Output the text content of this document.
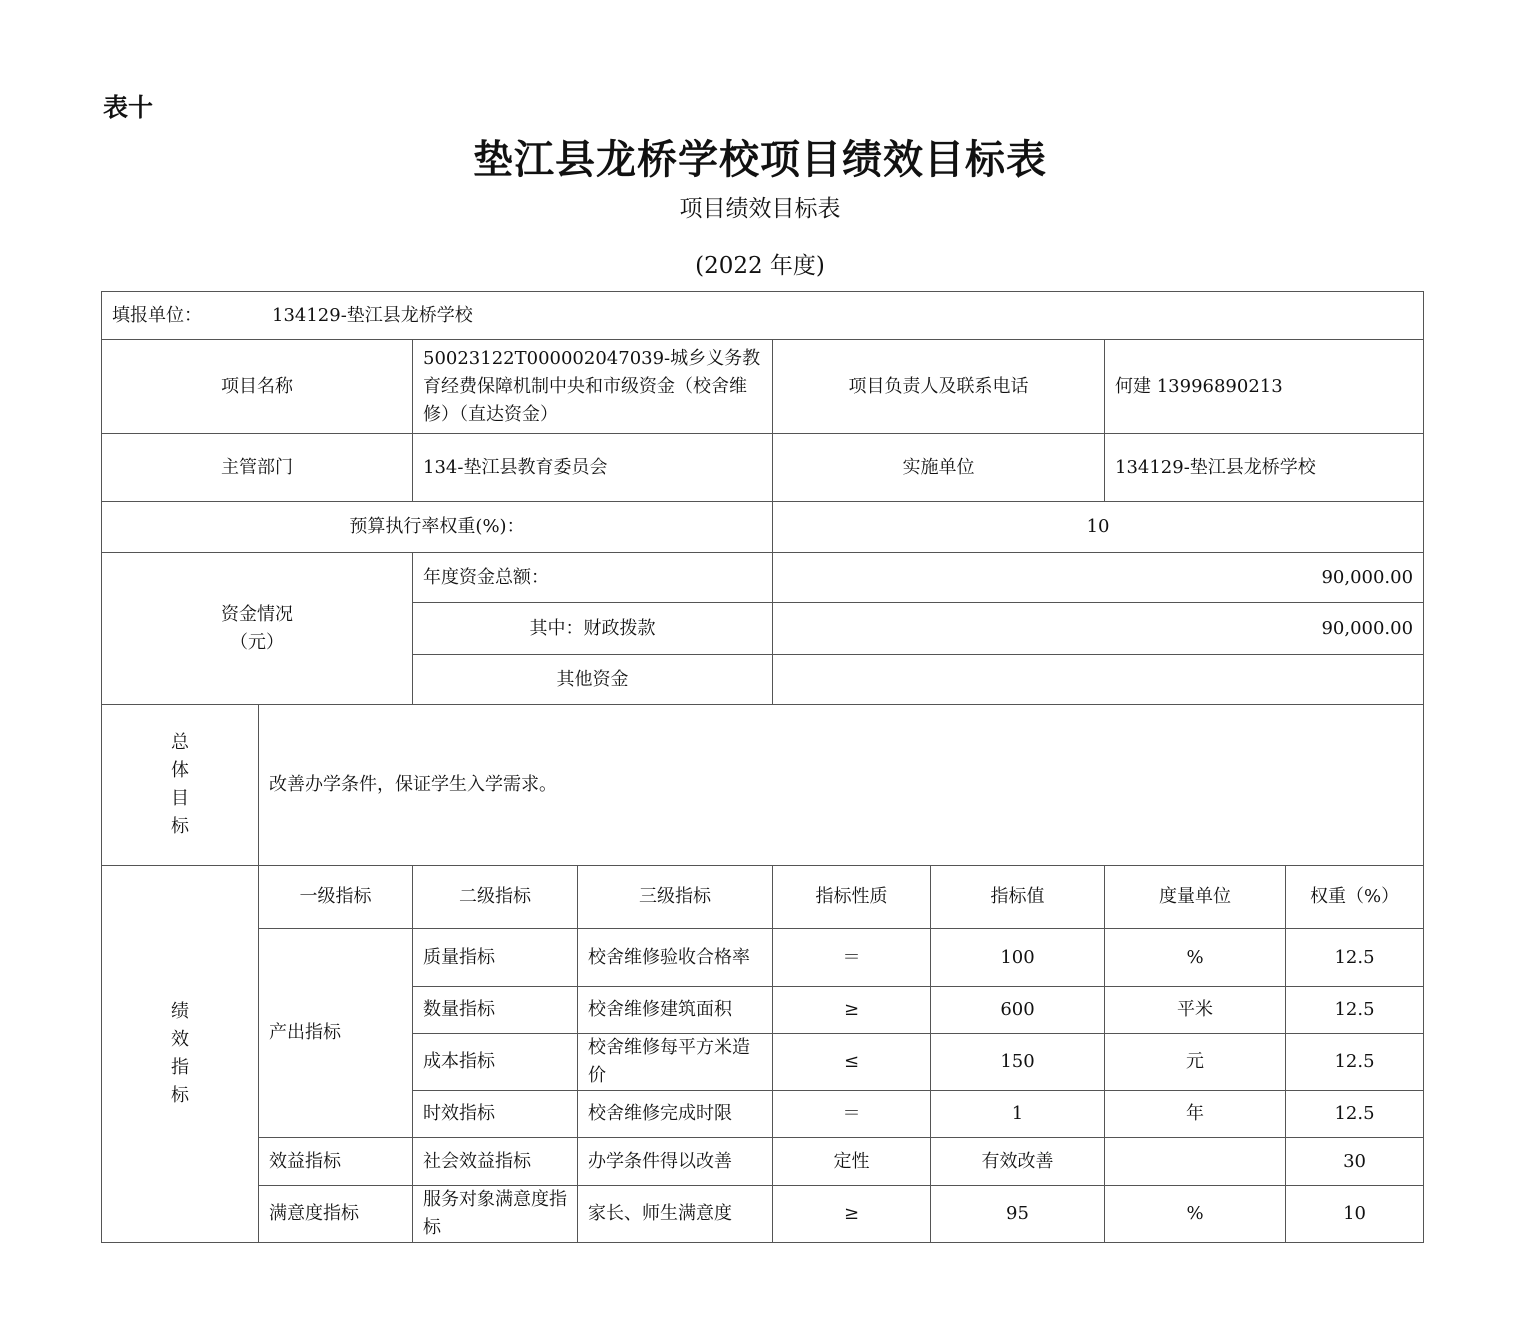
表十
垫江县龙桥学校项目绩效目标表
项目绩效目标表
(2022 年度)
填报单位： 134129-垫江县龙桥学校							
项目名称		50023122T000002047039-城乡义务教育经费保障机制中央和市级资金（校舍维修）（直达资金）		项目负责人及联系电话		何建 13996890213	
主管部门		134-垫江县教育委员会		实施单位		134129-垫江县龙桥学校	
预算执行率权重(%)：				10			

资金情况
（元）		年度资金总额：		90,000.00			
		其中：财政拨款		90,000.00			
		其他资金					

总
体
目
标	改善办学条件，保证学生入学需求。						

绩
效
指
标	一级指标	二级指标	三级指标	指标性质	指标值	度量单位	权重（%）
	产出指标	质量指标	校舍维修验收合格率	＝	100	%	12.5
		数量指标	校舍维修建筑面积	≥	600	平米	12.5
		成本指标	校舍维修每平方米造价	≤	150	元	12.5
		时效指标	校舍维修完成时限	＝	1	年	12.5
	效益指标	社会效益指标	办学条件得以改善	定性	有效改善		30
	满意度指标	服务对象满意度指标	家长、师生满意度	≥	95	%	10
